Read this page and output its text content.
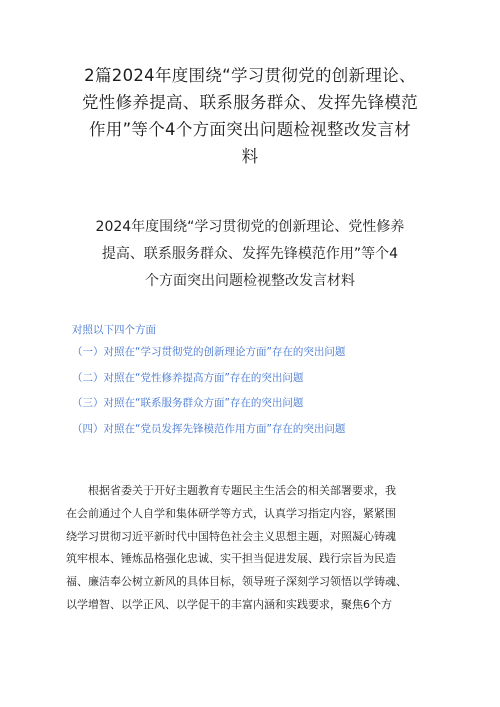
2篇2024年度围绕“学习贯彻党的创新理论、
党性修养提高、联系服务群众、发挥先锋模范
作用”等个4个方面突出问题检视整改发言材
料
2024年度围绕“学习贯彻党的创新理论、党性修养
提高、联系服务群众、发挥先锋模范作用”等个4
个方面突出问题检视整改发言材料
对照以下四个方面
（一）对照在“学习贯彻党的创新理论方面”存在的突出问题
（二）对照在“党性修养提高方面”存在的突出问题
（三）对照在“联系服务群众方面”存在的突出问题
（四）对照在“党员发挥先锋模范作用方面”存在的突出问题
　　根据省委关于开好主题教育专题民主生活会的相关部署要求，我
在会前通过个人自学和集体研学等方式，认真学习指定内容，紧紧围
绕学习贯彻习近平新时代中国特色社会主义思想主题，对照凝心铸魂
筑牢根本、锤炼品格强化忠诚、实干担当促进发展、践行宗旨为民造
福、廉洁奉公树立新风的具体目标，领导班子深刻学习领悟以学铸魂、
以学增智、以学正风、以学促干的丰富内涵和实践要求，聚焦6个方
